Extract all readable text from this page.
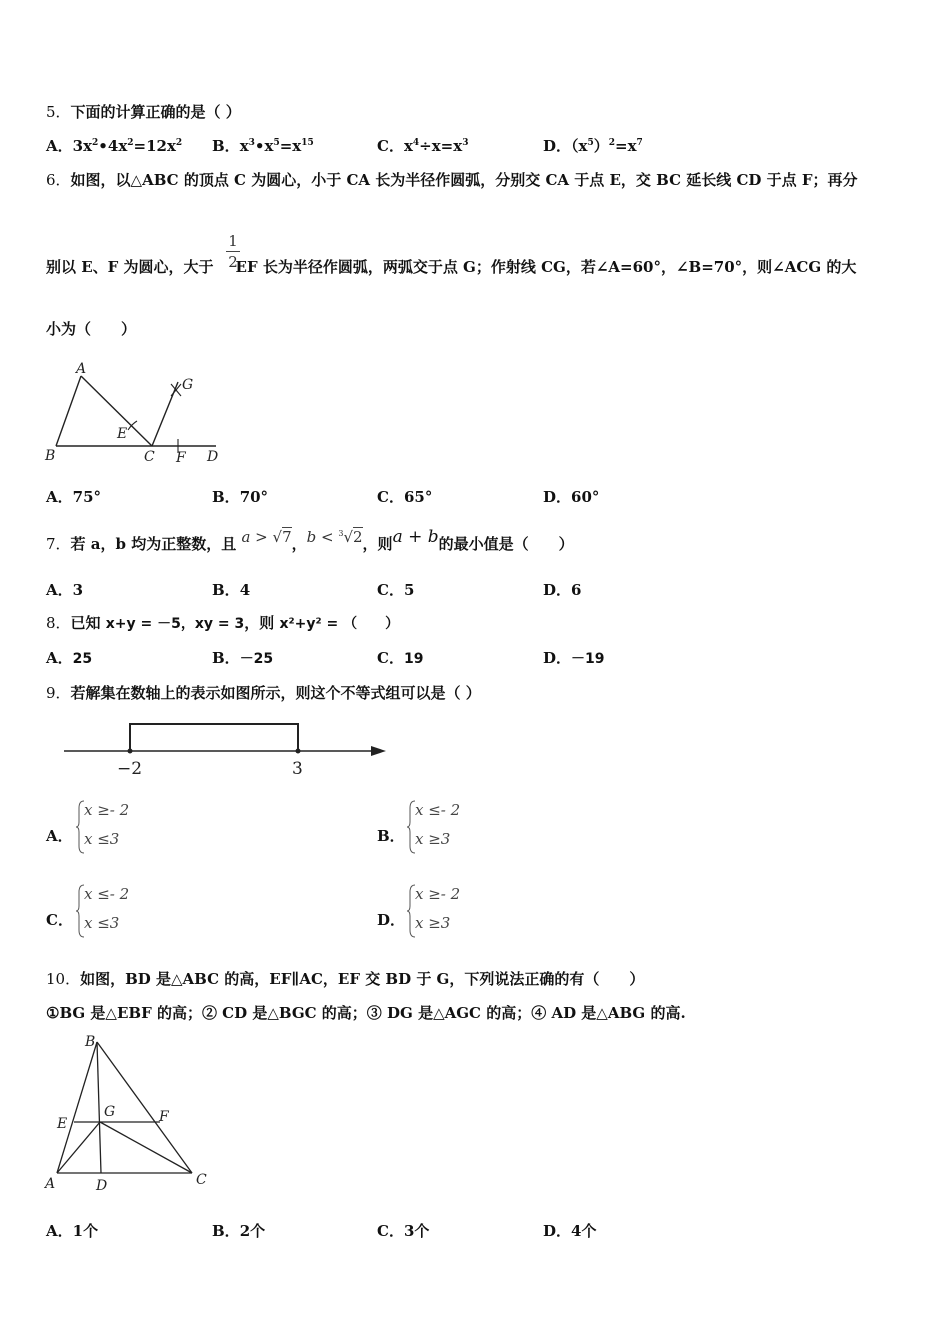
5．下面的计算正确的是（ ）
A．$3x^2•4x^2=12x^2$ B．$x^3•x^5=x^{15}$	C．$x^4\div x=x^3$	D．$(x^5)^2=x^7$
6．如图，以△ABC 的顶点 C 为圆心，小于 CA 长为半径作圆弧，分别交 CA 于点 E，交 BC 延长线 CD 于点 F；再分
别以 E、F 为圆心，大于 EF 长为半径作圆弧，两弧交于点 G；作射线 CG，若∠A=60°，∠B=70°，则∠ACG 的大
1
2
小为（　　）
A
B	C F D
E
G
A．75°	B．70°	C．65°	D．60°
7．若 a，b 均为正整数，且 a > √7，b < $^3$√2，则a + b的最小值是（　　）
A．3	B．4	C．5	D．6
8．已知 x+y = －5，xy = 3，则 x²+y² = （　　）
A．25	B．－25	C．19	D．－19
9．若解集在数轴上的表示如图所示，则这个不等式组可以是（ ）
−2	3
A．
x ≥- 2
x ≤3	B．
x ≤- 2
x ≥3
C．
x ≤- 2
x ≤3	D．
x ≥- 2
x ≥3
10．如图，BD 是△ABC 的高，EF∥AC，EF 交 BD 于 G，下列说法正确的有（　　）
①BG 是△EBF 的高；② CD 是△BGC 的高；③ DG 是△AGC 的高；④ AD 是△ABG 的高.
B
E
G	F
A	D	C
A．1个	B．2个	C．3个	D．4个
